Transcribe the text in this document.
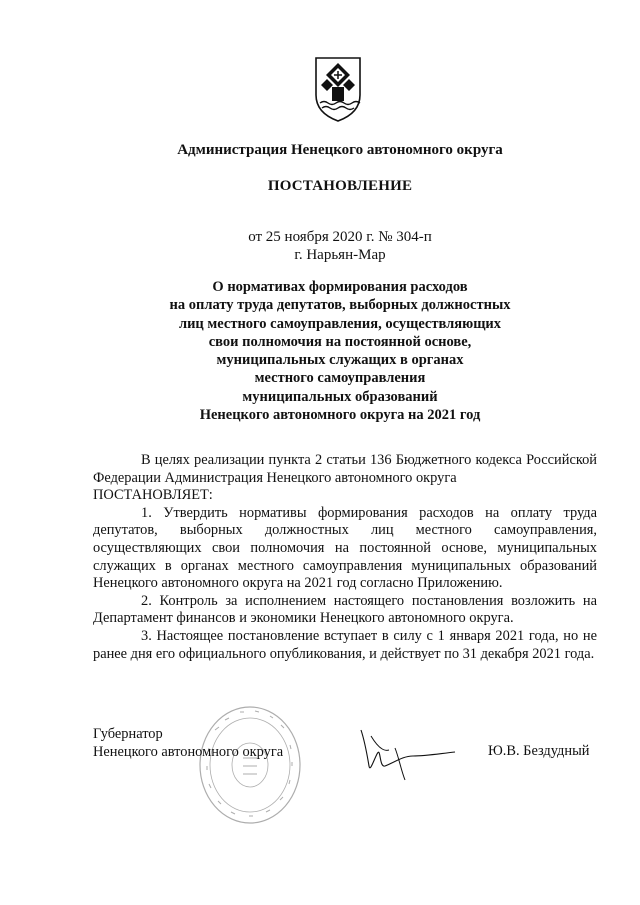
Администрация Ненецкого автономного округа
ПОСТАНОВЛЕНИЕ
от 25 ноября 2020 г. № 304-п
г. Нарьян-Мар
О нормативах формирования расходов
на оплату труда депутатов, выборных должностных
лиц местного самоуправления, осуществляющих
свои полномочия на постоянной основе,
муниципальных служащих в органах
местного самоуправления
муниципальных образований
Ненецкого автономного округа на 2021 год

В целях реализации пункта 2 статьи 136 Бюджетного кодекса Российской Федерации Администрация Ненецкого автономного округа

ПОСТАНОВЛЯЕТ:

1. Утвердить нормативы формирования расходов на оплату труда депутатов, выборных должностных лиц местного самоуправления, осуществляющих свои полномочия на постоянной основе, муниципальных служащих в органах местного самоуправления муниципальных образований Ненецкого автономного округа на 2021 год согласно Приложению.

2. Контроль за исполнением настоящего постановления возложить на Департамент финансов и экономики Ненецкого автономного округа.

3. Настоящее постановление вступает в силу с 1 января 2021 года, но не ранее дня его официального опубликования, и действует по 31 декабря 2021 года.

Губернатор
Ненецкого автономного округа	Ю.В. Бездудный
